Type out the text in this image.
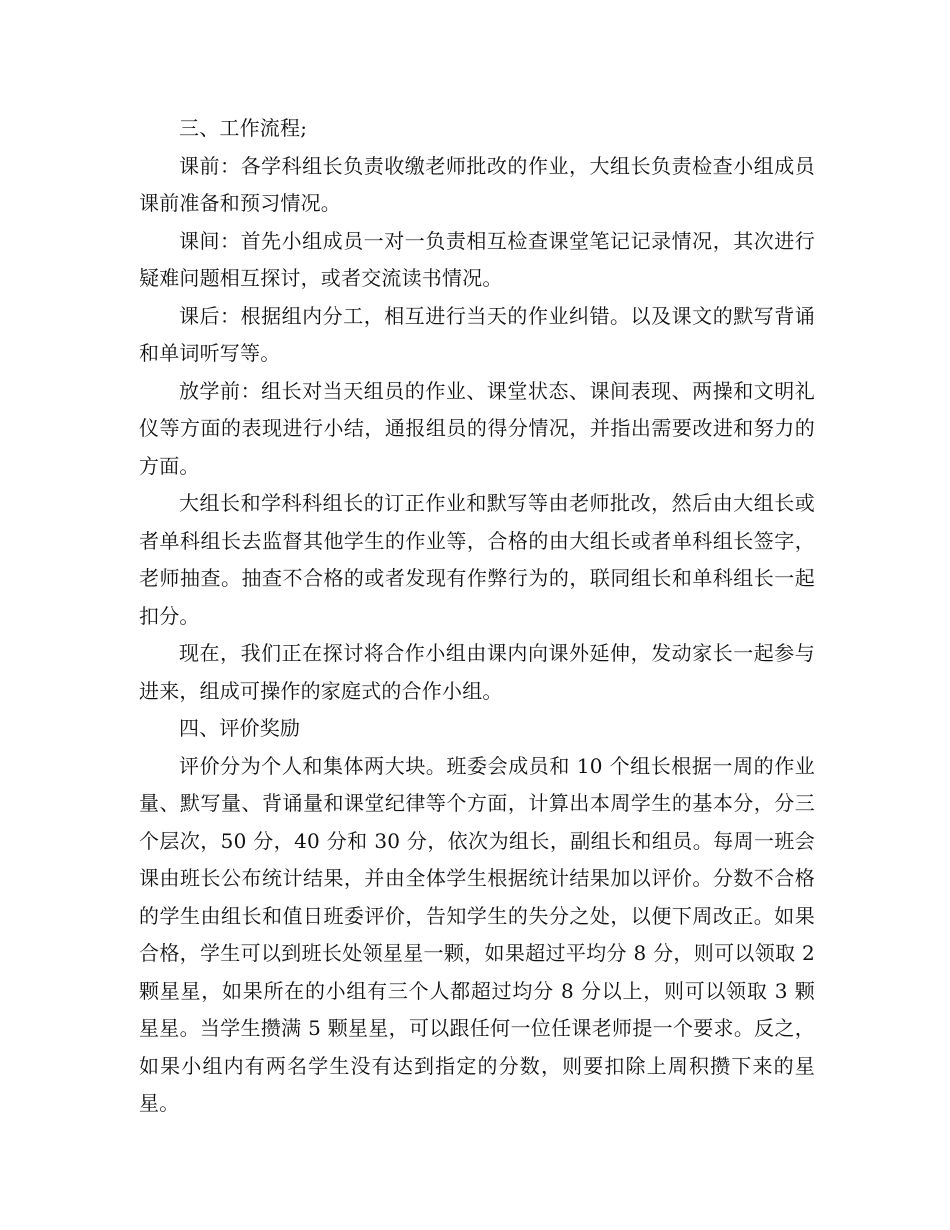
三、工作流程;

课前：各学科组长负责收缴老师批改的作业，大组长负责检查小组成员课前准备和预习情况。

课间：首先小组成员一对一负责相互检查课堂笔记记录情况，其次进行疑难问题相互探讨，或者交流读书情况。

课后：根据组内分工，相互进行当天的作业纠错。以及课文的默写背诵和单词听写等。

放学前：组长对当天组员的作业、课堂状态、课间表现、两操和文明礼仪等方面的表现进行小结，通报组员的得分情况，并指出需要改进和努力的方面。

大组长和学科科组长的订正作业和默写等由老师批改，然后由大组长或者单科组长去监督其他学生的作业等，合格的由大组长或者单科组长签字，老师抽查。抽查不合格的或者发现有作弊行为的，联同组长和单科组长一起扣分。

现在，我们正在探讨将合作小组由课内向课外延伸，发动家长一起参与进来，组成可操作的家庭式的合作小组。

四、评价奖励

评价分为个人和集体两大块。班委会成员和 10 个组长根据一周的作业量、默写量、背诵量和课堂纪律等个方面，计算出本周学生的基本分，分三个层次，50 分，40 分和 30 分，依次为组长，副组长和组员。每周一班会课由班长公布统计结果，并由全体学生根据统计结果加以评价。分数不合格的学生由组长和值日班委评价，告知学生的失分之处，以便下周改正。如果合格，学生可以到班长处领星星一颗，如果超过平均分 8 分，则可以领取 2 颗星星，如果所在的小组有三个人都超过均分 8 分以上，则可以领取 3 颗星星。当学生攒满 5 颗星星，可以跟任何一位任课老师提一个要求。反之，如果小组内有两名学生没有达到指定的分数，则要扣除上周积攒下来的星星。
